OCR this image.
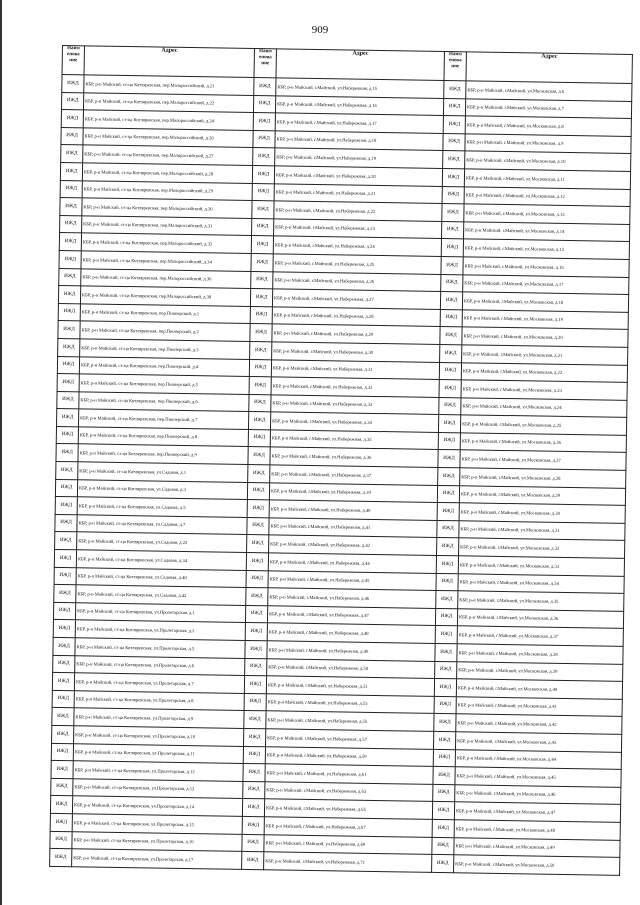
909
Наим енова ние	Адрес	Наим енова ние	Адрес	Наим енова ние	Адрес
ИЖД	КБР, р-н Майский, ст-ца Котляревская, пер.Малороссийский, д.21	ИЖД	КБР, р-н Майский, г.Майский, ул.Набережная, д.15	ИЖД	КБР, р-н Майский, г.Майский, ул.Московская, д.6
ИЖД	КБР, р-н Майский, ст-ца Котляревская, пер.Малороссийский, д.22	ИЖД	КБР, р-н Майский, г.Майский, ул.Набережная, д.16	ИЖД	КБР, р-н Майский, г.Майский, ул.Московская, д.7
ИЖД	КБР, р-н Майский, ст-ца Котляревская, пер.Малороссийский, д.24	ИЖД	КБР, р-н Майский, г.Майский, ул.Набережная, д.17	ИЖД	КБР, р-н Майский, г.Майский, ул.Московская, д.8
ИЖД	КБР, р-н Майский, ст-ца Котляревская, пер.Малороссийский, д.26	ИЖД	КБР, р-н Майский, г.Майский, ул.Набережная, д.18	ИЖД	КБР, р-н Майский, г.Майский, ул.Московская, д.9
ИЖД	КБР, р-н Майский, ст-ца Котляревская, пер.Малороссийский, д.27	ИЖД	КБР, р-н Майский, г.Майский, ул.Набережная, д.19	ИЖД	КБР, р-н Майский, г.Майский, ул.Московская, д.10
ИЖД	КБР, р-н Майский, ст-ца Котляревская, пер.Малороссийский, д.28	ИЖД	КБР, р-н Майский, г.Майский, ул.Набережная, д.20	ИЖД	КБР, р-н Майский, г.Майский, ул.Московская, д.11
ИЖД	КБР, р-н Майский, ст-ца Котляревская, пер.Малороссийский, д.29	ИЖД	КБР, р-н Майский, г.Майский, ул.Набережная, д.21	ИЖД	КБР, р-н Майский, г.Майский, ул.Московская, д.12
ИЖД	КБР, р-н Майский, ст-ца Котляревская, пер.Малороссийский, д.30	ИЖД	КБР, р-н Майский, г.Майский, ул.Набережная, д.22	ИЖД	КБР, р-н Майский, г.Майский, ул.Московская, д.13
ИЖД	КБР, р-н Майский, ст-ца Котляревская, пер.Малороссийский, д.31	ИЖД	КБР, р-н Майский, г.Майский, ул.Набережная, д.23	ИЖД	КБР, р-н Майский, г.Майский, ул.Московская, д.14
ИЖД	КБР, р-н Майский, ст-ца Котляревская, пер.Малороссийский, д.32	ИЖД	КБР, р-н Майский, г.Майский, ул.Набережная, д.24	ИЖД	КБР, р-н Майский, г.Майский, ул.Московская, д.15
ИЖД	КБР, р-н Майский, ст-ца Котляревская, пер.Малороссийский, д.34	ИЖД	КБР, р-н Майский, г.Майский, ул.Набережная, д.25	ИЖД	КБР, р-н Майский, г.Майский, ул.Московская, д.16
ИЖД	КБР, р-н Майский, ст-ца Котляревская, пер.Малороссийский, д.36	ИЖД	КБР, р-н Майский, г.Майский, ул.Набережная, д.26	ИЖД	КБР, р-н Майский, г.Майский, ул.Московская, д.17
ИЖД	КБР, р-н Майский, ст-ца Котляревская, пер.Малороссийский, д.38	ИЖД	КБР, р-н Майский, г.Майский, ул.Набережная, д.27	ИЖД	КБР, р-н Майский, г.Майский, ул.Московская, д.18
ИЖД	КБР, р-н Майский, ст-ца Котляревская, пер.Пионерский, д.1	ИЖД	КБР, р-н Майский, г.Майский, ул.Набережная, д.28	ИЖД	КБР, р-н Майский, г.Майский, ул.Московская, д.19
ИЖД	КБР, р-н Майский, ст-ца Котляревская, пер.Пионерский, д.2	ИЖД	КБР, р-н Майский, г.Майский, ул.Набережная, д.29	ИЖД	КБР, р-н Майский, г.Майский, ул.Московская, д.20
ИЖД	КБР, р-н Майский, ст-ца Котляревская, пер.Пионерский, д.3	ИЖД	КБР, р-н Майский, г.Майский, ул.Набережная, д.30	ИЖД	КБР, р-н Майский, г.Майский, ул.Московская, д.21
ИЖД	КБР, р-н Майский, ст-ца Котляревская, пер.Пионерский, д.4	ИЖД	КБР, р-н Майский, г.Майский, ул.Набережная, д.31	ИЖД	КБР, р-н Майский, г.Майский, ул.Московская, д.22
ИЖД	КБР, р-н Майский, ст-ца Котляревская, пер.Пионерский, д.5	ИЖД	КБР, р-н Майский, г.Майский, ул.Набережная, д.32	ИЖД	КБР, р-н Майский, г.Майский, ул.Московская, д.23
ИЖД	КБР, р-н Майский, ст-ца Котляревская, пер.Пионерский, д.6	ИЖД	КБР, р-н Майский, г.Майский, ул.Набережная, д.33	ИЖД	КБР, р-н Майский, г.Майский, ул.Московская, д.24
ИЖД	КБР, р-н Майский, ст-ца Котляревская, пер.Пионерский, д.7	ИЖД	КБР, р-н Майский, г.Майский, ул.Набережная, д.34	ИЖД	КБР, р-н Майский, г.Майский, ул.Московская, д.25
ИЖД	КБР, р-н Майский, ст-ца Котляревская, пер.Пионерский, д.8	ИЖД	КБР, р-н Майский, г.Майский, ул.Набережная, д.35	ИЖД	КБР, р-н Майский, г.Майский, ул.Московская, д.26
ИЖД	КБР, р-н Майский, ст-ца Котляревская, пер.Пионерский, д.9	ИЖД	КБР, р-н Майский, г.Майский, ул.Набережная, д.36	ИЖД	КБР, р-н Майский, г.Майский, ул.Московская, д.27
ИЖД	КБР, р-н Майский, ст-ца Котляревская, ул.Садовая, д.1	ИЖД	КБР, р-н Майский, г.Майский, ул.Набережная, д.37	ИЖД	КБР, р-н Майский, г.Майский, ул.Московская, д.28
ИЖД	КБР, р-н Майский, ст-ца Котляревская, ул.Садовая, д.3	ИЖД	КБР, р-н Майский, г.Майский, ул.Набережная, д.39	ИЖД	КБР, р-н Майский, г.Майский, ул.Московская, д.29
ИЖД	КБР, р-н Майский, ст-ца Котляревская, ул.Садовая, д.5	ИЖД	КБР, р-н Майский, г.Майский, ул.Набережная, д.40	ИЖД	КБР, р-н Майский, г.Майский, ул.Московская, д.30
ИЖД	КБР, р-н Майский, ст-ца Котляревская, ул.Садовая, д.7	ИЖД	КБР, р-н Майский, г.Майский, ул.Набережная, д.41	ИЖД	КБР, р-н Майский, г.Майский, ул.Московская, д.31
ИЖД	КБР, р-н Майский, ст-ца Котляревская, ул.Садовая, д.22	ИЖД	КБР, р-н Майский, г.Майский, ул.Набережная, д.42	ИЖД	КБР, р-н Майский, г.Майский, ул.Московская, д.32
ИЖД	КБР, р-н Майский, ст-ца Котляревская, ул.Садовая, д.34	ИЖД	КБР, р-н Майский, г.Майский, ул.Набережная, д.44	ИЖД	КБР, р-н Майский, г.Майский, ул.Московская, д.33
ИЖД	КБР, р-н Майский, ст-ца Котляревская, ул.Садовая, д.40	ИЖД	КБР, р-н Майский, г.Майский, ул.Набережная, д.45	ИЖД	КБР, р-н Майский, г.Майский, ул.Московская, д.34
ИЖД	КБР, р-н Майский, ст-ца Котляревская, ул.Садовая, д.42	ИЖД	КБР, р-н Майский, г.Майский, ул.Набережная, д.46	ИЖД	КБР, р-н Майский, г.Майский, ул.Московская, д.35
ИЖД	КБР, р-н Майский, ст-ца Котляревская, ул.Пролетарская, д.1	ИЖД	КБР, р-н Майский, г.Майский, ул.Набережная, д.47	ИЖД	КБР, р-н Майский, г.Майский, ул.Московская, д.36
ИЖД	КБР, р-н Майский, ст-ца Котляревская, ул.Пролетарская, д.2	ИЖД	КБР, р-н Майский, г.Майский, ул.Набережная, д.48	ИЖД	КБР, р-н Майский, г.Майский, ул.Московская, д.37
ИЖД	КБР, р-н Майский, ст-ца Котляревская, ул.Пролетарская, д.5	ИЖД	КБР, р-н Майский, г.Майский, ул.Набережная, д.49	ИЖД	КБР, р-н Майский, г.Майский, ул.Московская, д.38
ИЖД	КБР, р-н Майский, ст-ца Котляревская, ул.Пролетарская, д.6	ИЖД	КБР, р-н Майский, г.Майский, ул.Набережная, д.50	ИЖД	КБР, р-н Майский, г.Майский, ул.Московская, д.39
ИЖД	КБР, р-н Майский, ст-ца Котляревская, ул.Пролетарская, д.7	ИЖД	КБР, р-н Майский, г.Майский, ул.Набережная, д.51	ИЖД	КБР, р-н Майский, г.Майский, ул.Московская, д.40
ИЖД	КБР, р-н Майский, ст-ца Котляревская, ул.Пролетарская, д.8	ИЖД	КБР, р-н Майский, г.Майский, ул.Набережная, д.53	ИЖД	КБР, р-н Майский, г.Майский, ул.Московская, д.41
ИЖД	КБР, р-н Майский, ст-ца Котляревская, ул.Пролетарская, д.9	ИЖД	КБР, р-н Майский, г.Майский, ул.Набережная, д.55	ИЖД	КБР, р-н Майский, г.Майский, ул.Московская, д.42
ИЖД	КБР, р-н Майский, ст-ца Котляревская, ул.Пролетарская, д.10	ИЖД	КБР, р-н Майский, г.Майский, ул.Набережная, д.57	ИЖД	КБР, р-н Майский, г.Майский, ул.Московская, д.43
ИЖД	КБР, р-н Майский, ст-ца Котляревская, ул.Пролетарская, д.11	ИЖД	КБР, р-н Майский, г.Майский, ул.Набережная, д.59	ИЖД	КБР, р-н Майский, г.Майский, ул.Московская, д.44
ИЖД	КБР, р-н Майский, ст-ца Котляревская, ул.Пролетарская, д.12	ИЖД	КБР, р-н Майский, г.Майский, ул.Набережная, д.61	ИЖД	КБР, р-н Майский, г.Майский, ул.Московская, д.45
ИЖД	КБР, р-н Майский, ст-ца Котляревская, ул.Пролетарская, д.13	ИЖД	КБР, р-н Майский, г.Майский, ул.Набережная, д.63	ИЖД	КБР, р-н Майский, г.Майский, ул.Московская, д.46
ИЖД	КБР, р-н Майский, ст-ца Котляревская, ул.Пролетарская, д.14	ИЖД	КБР, р-н Майский, г.Майский, ул.Набережная, д.65	ИЖД	КБР, р-н Майский, г.Майский, ул.Московская, д.47
ИЖД	КБР, р-н Майский, ст-ца Котляревская, ул.Пролетарская, д.15	ИЖД	КБР, р-н Майский, г.Майский, ул.Набережная, д.67	ИЖД	КБР, р-н Майский, г.Майский, ул.Московская, д.48
ИЖД	КБР, р-н Майский, ст-ца Котляревская, ул.Пролетарская, д.16	ИЖД	КБР, р-н Майский, г.Майский, ул.Набережная, д.69	ИЖД	КБР, р-н Майский, г.Майский, ул.Московская, д.49
ИЖД	КБР, р-н Майский, ст-ца Котляревская, ул.Пролетарская, д.17	ИЖД	КБР, р-н Майский, г.Майский, ул.Набережная, д.71	ИЖД	КБР, р-н Майский, г.Майский, ул.Московская, д.50
